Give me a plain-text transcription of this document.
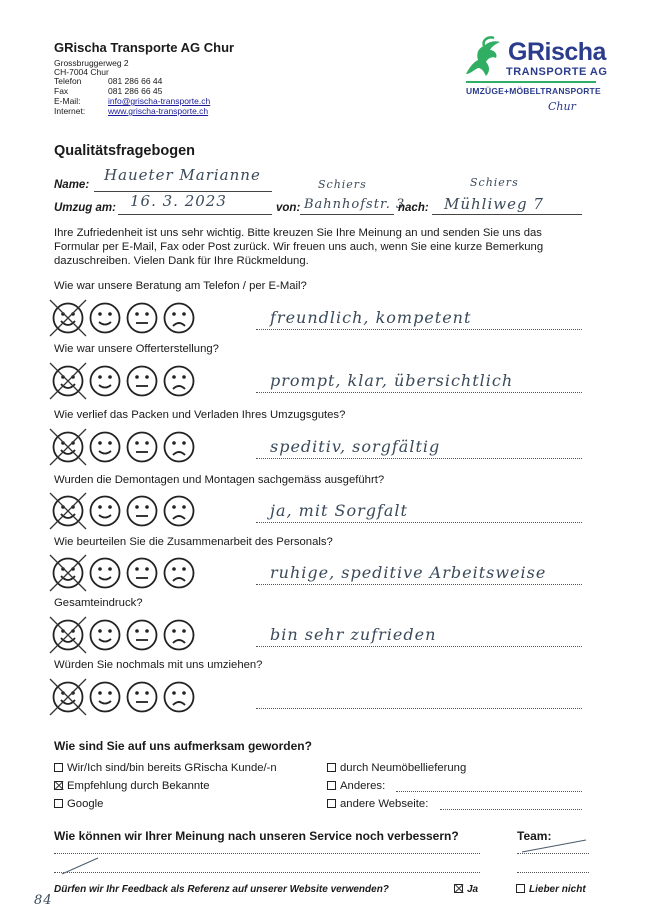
GRischa Transporte AG Chur
Grossbruggerweg 2
CH-7004 Chur
Telefon	081 286 66 44
Fax	081 286 66 45
E-Mail:	info@grischa-transporte.ch
Internet:	www.grischa-transporte.ch
GRischa
TRANSPORTE AG
UMZÜGE+MÖBELTRANSPORTE
Chur
Qualitätsfragebogen
Name:
Haueter Marianne
Umzug am: 16. 3. 2023	von:
Schiers
Bahnhofstr. 3
nach:
Schiers
Mühliweg 7
Ihre Zufriedenheit ist uns sehr wichtig. Bitte kreuzen Sie Ihre Meinung an und senden Sie uns das Formular per E-Mail, Fax oder Post zurück. Wir freuen uns auch, wenn Sie eine kurze Bemerkung dazuschreiben. Vielen Dank für Ihre Rückmeldung.
Wie war unsere Beratung am Telefon / per E-Mail?
freundlich, kompetent
Wie war unsere Offerterstellung?
prompt, klar, übersichtlich
Wie verlief das Packen und Verladen Ihres Umzugsgutes?
speditiv, sorgfältig
Wurden die Demontagen und Montagen sachgemäss ausgeführt?
ja, mit Sorgfalt
Wie beurteilen Sie die Zusammenarbeit des Personals?
ruhige, speditive Arbeitsweise
Gesamteindruck?
bin sehr zufrieden
Würden Sie nochmals mit uns umziehen?
Wie sind Sie auf uns aufmerksam geworden?
Wir/Ich sind/bin bereits GRischa Kunde/-n
Empfehlung durch Bekannte
Google
durch Neumöbellieferung
Anderes:
andere Webseite:
Wie können wir Ihrer Meinung nach unseren Service noch verbessern?	Team:
Dürfen wir Ihr Feedback als Referenz auf unserer Website verwenden?	Ja	Lieber nicht
84
